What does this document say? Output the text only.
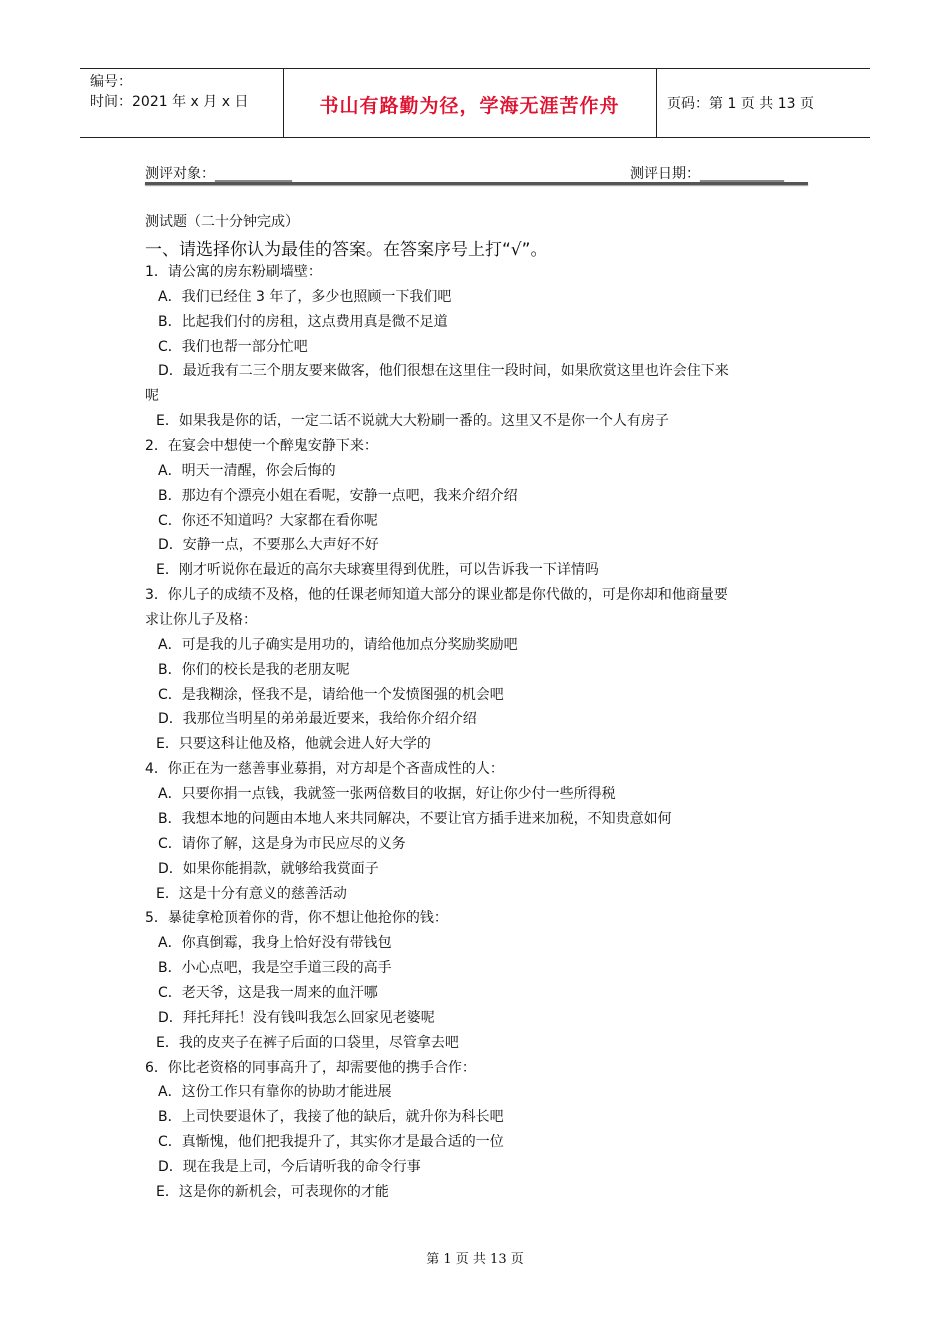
编号：
时间：2021 年 x 月 x 日	书山有路勤为径，学海无涯苦作舟	页码：第 1 页 共 13 页
测评对象：___________	测评日期：____________
测试题（二十分钟完成）
一、请选择你认为最佳的答案。在答案序号上打“√”。
1．请公寓的房东粉刷墙壁：
A．我们已经住 3 年了，多少也照顾一下我们吧
B．比起我们付的房租，这点费用真是微不足道
C．我们也帮一部分忙吧
D．最近我有二三个朋友要来做客，他们很想在这里住一段时间，如果欣赏这里也许会住下来
呢
E．如果我是你的话，一定二话不说就大大粉刷一番的。这里又不是你一个人有房子
2．在宴会中想使一个醉鬼安静下来：
A．明天一清醒，你会后悔的
B．那边有个漂亮小姐在看呢，安静一点吧，我来介绍介绍
C．你还不知道吗？大家都在看你呢
D．安静一点，不要那么大声好不好
E．刚才听说你在最近的高尔夫球赛里得到优胜，可以告诉我一下详情吗
3．你儿子的成绩不及格，他的任课老师知道大部分的课业都是你代做的，可是你却和他商量要
求让你儿子及格：
A．可是我的儿子确实是用功的，请给他加点分奖励奖励吧
B．你们的校长是我的老朋友呢
C．是我糊涂，怪我不是，请给他一个发愤图强的机会吧
D．我那位当明星的弟弟最近要来，我给你介绍介绍
E．只要这科让他及格，他就会进人好大学的
4．你正在为一慈善事业募捐，对方却是个吝啬成性的人：
A．只要你捐一点钱，我就签一张两倍数目的收据，好让你少付一些所得税
B．我想本地的问题由本地人来共同解决，不要让官方插手进来加税，不知贵意如何
C．请你了解，这是身为市民应尽的义务
D．如果你能捐款，就够给我赏面子
E．这是十分有意义的慈善活动
5．暴徒拿枪顶着你的背，你不想让他抢你的钱：
A．你真倒霉，我身上恰好没有带钱包
B．小心点吧，我是空手道三段的高手
C．老天爷，这是我一周来的血汗哪
D．拜托拜托！没有钱叫我怎么回家见老婆呢
E．我的皮夹子在裤子后面的口袋里，尽管拿去吧
6．你比老资格的同事高升了，却需要他的携手合作：
A．这份工作只有靠你的协助才能进展
B．上司快要退休了，我接了他的缺后，就升你为科长吧
C．真惭愧，他们把我提升了，其实你才是最合适的一位
D．现在我是上司，今后请听我的命令行事
E．这是你的新机会，可表现你的才能
第 1 页 共 13 页
